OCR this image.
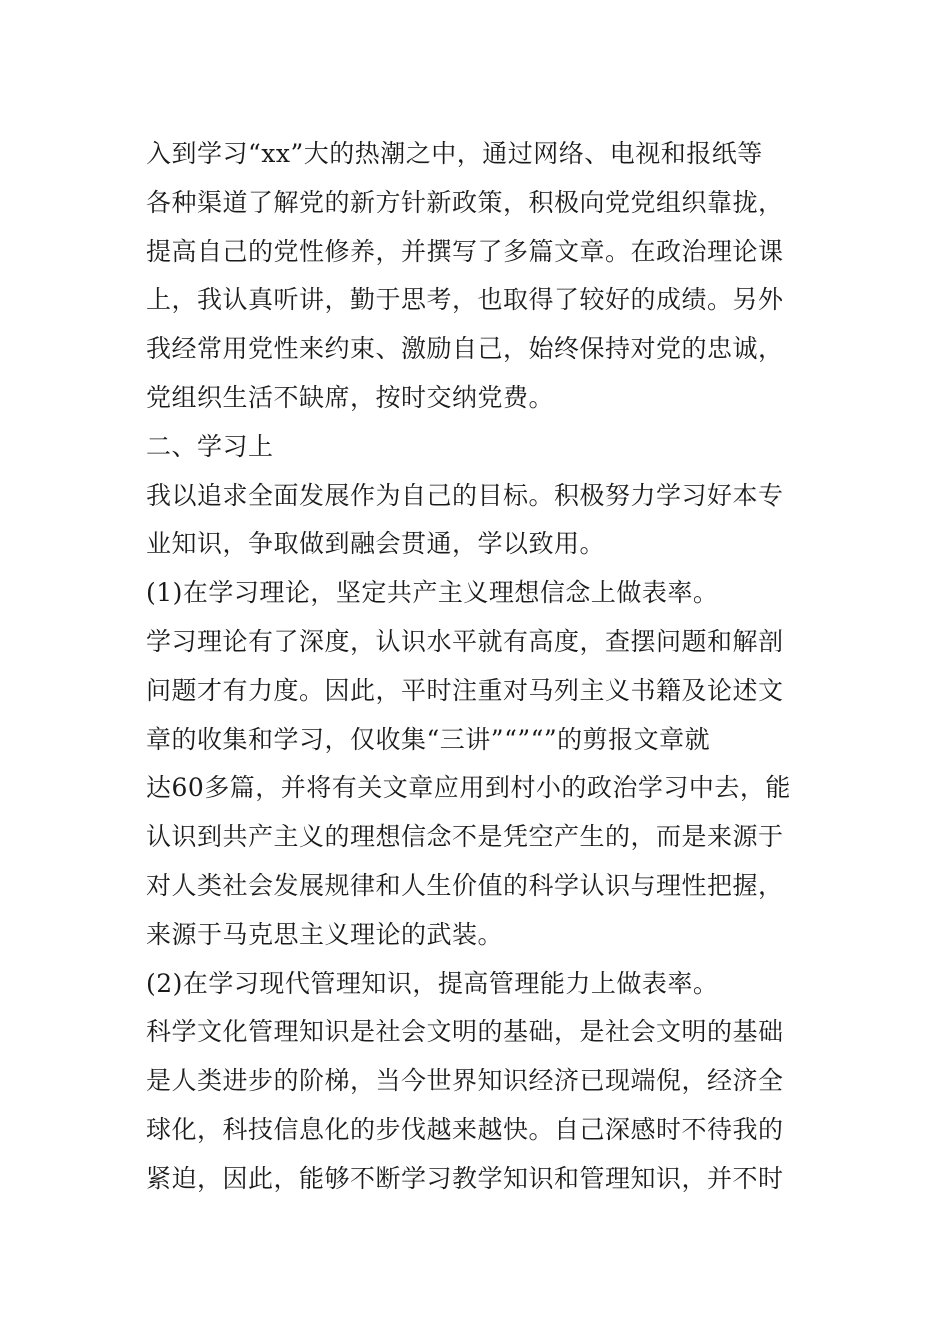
入到学习“xx”大的热潮之中，通过网络、电视和报纸等
各种渠道了解党的新方针新政策，积极向党党组织靠拢，
提高自己的党性修养，并撰写了多篇文章。在政治理论课
上，我认真听讲，勤于思考，也取得了较好的成绩。另外
我经常用党性来约束、激励自己，始终保持对党的忠诚，
党组织生活不缺席，按时交纳党费。
二、学习上
我以追求全面发展作为自己的目标。积极努力学习好本专
业知识，争取做到融会贯通，学以致用。
(1)在学习理论，坚定共产主义理想信念上做表率。
学习理论有了深度，认识水平就有高度，查摆问题和解剖
问题才有力度。因此，平时注重对马列主义书籍及论述文
章的收集和学习，仅收集“三讲”“”“”的剪报文章就
达60多篇，并将有关文章应用到村小的政治学习中去，能
认识到共产主义的理想信念不是凭空产生的，而是来源于
对人类社会发展规律和人生价值的科学认识与理性把握，
来源于马克思主义理论的武装。
(2)在学习现代管理知识，提高管理能力上做表率。
科学文化管理知识是社会文明的基础，是社会文明的基础
是人类进步的阶梯，当今世界知识经济已现端倪，经济全
球化，科技信息化的步伐越来越快。自己深感时不待我的
紧迫，因此，能够不断学习教学知识和管理知识，并不时
